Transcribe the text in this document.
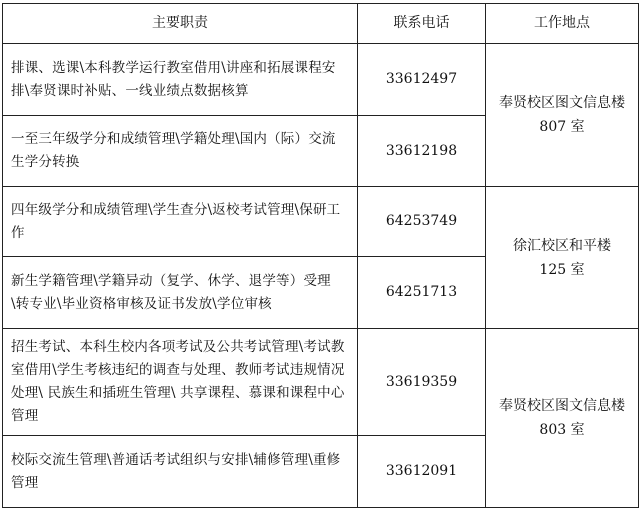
主要职责	联系电话	工作地点
排课、选课\本科教学运行教室借用\讲座和拓展课程安排\奉贤课时补贴、一线业绩点数据核算	33612497	奉贤校区图文信息楼
807 室

一至三年级学分和成绩管理\学籍处理\国内（际）交流生学分转换	33612198	
四年级学分和成绩管理\学生查分\返校考试管理\保研工作	64253749	徐汇校区和平楼
125 室

新生学籍管理\学籍异动（复学、休学、退学等）受理\转专业\毕业资格审核及证书发放\学位审核	64251713	
招生考试、本科生校内各项考试及公共考试管理\考试教室借用\学生考核违纪的调查与处理、教师考试违规情况处理\ 民族生和插班生管理\ 共享课程、慕课和课程中心管理	33619359	奉贤校区图文信息楼
803 室

校际交流生管理\普通话考试组织与安排\辅修管理\重修管理	33612091	
